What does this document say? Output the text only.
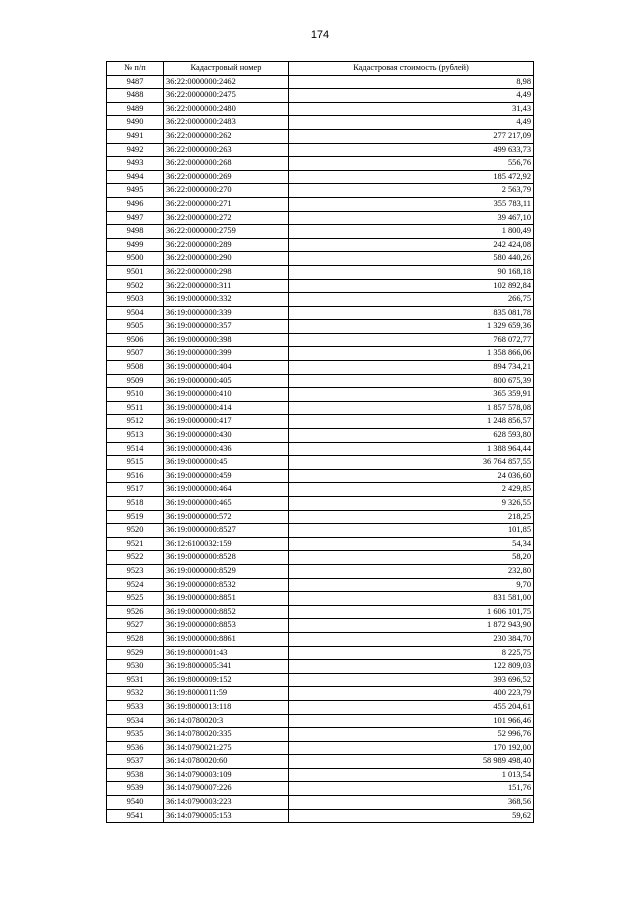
174
№ п/п	Кадастровый номер	Кадастровая стоимость (рублей)
9487	36:22:0000000:2462	8,98
9488	36:22:0000000:2475	4,49
9489	36:22:0000000:2480	31,43
9490	36:22:0000000:2483	4,49
9491	36:22:0000000:262	277 217,09
9492	36:22:0000000:263	499 633,73
9493	36:22:0000000:268	556,76
9494	36:22:0000000:269	185 472,92
9495	36:22:0000000:270	2 563,79
9496	36:22:0000000:271	355 783,11
9497	36:22:0000000:272	39 467,10
9498	36:22:0000000:2759	1 800,49
9499	36:22:0000000:289	242 424,08
9500	36:22:0000000:290	580 440,26
9501	36:22:0000000:298	90 168,18
9502	36:22:0000000:311	102 892,84
9503	36:19:0000000:332	266,75
9504	36:19:0000000:339	835 081,78
9505	36:19:0000000:357	1 329 659,36
9506	36:19:0000000:398	768 072,77
9507	36:19:0000000:399	1 358 866,06
9508	36:19:0000000:404	894 734,21
9509	36:19:0000000:405	800 675,39
9510	36:19:0000000:410	365 359,91
9511	36:19:0000000:414	1 857 578,08
9512	36:19:0000000:417	1 248 856,57
9513	36:19:0000000:430	628 593,80
9514	36:19:0000000:436	1 388 964,44
9515	36:19:0000000:45	36 764 857,55
9516	36:19:0000000:459	24 036,60
9517	36:19:0000000:464	2 429,85
9518	36:19:0000000:465	9 326,55
9519	36:19:0000000:572	218,25
9520	36:19:0000000:8527	101,85
9521	36:12:6100032:159	54,34
9522	36:19:0000000:8528	58,20
9523	36:19:0000000:8529	232,80
9524	36:19:0000000:8532	9,70
9525	36:19:0000000:8851	831 581,00
9526	36:19:0000000:8852	1 606 101,75
9527	36:19:0000000:8853	1 872 943,90
9528	36:19:0000000:8861	230 384,70
9529	36:19:8000001:43	8 225,75
9530	36:19:8000005:341	122 809,03
9531	36:19:8000009:152	393 696,52
9532	36:19:8000011:59	400 223,79
9533	36:19:8000013:118	455 204,61
9534	36:14:0780020:3	101 966,46
9535	36:14:0780020:335	52 996,76
9536	36:14:0790021:275	170 192,00
9537	36:14:0780020:60	58 989 498,40
9538	36:14:0790003:109	1 013,54
9539	36:14:0790007:226	151,76
9540	36:14:0790003:223	368,56
9541	36:14:0790005:153	59,62
